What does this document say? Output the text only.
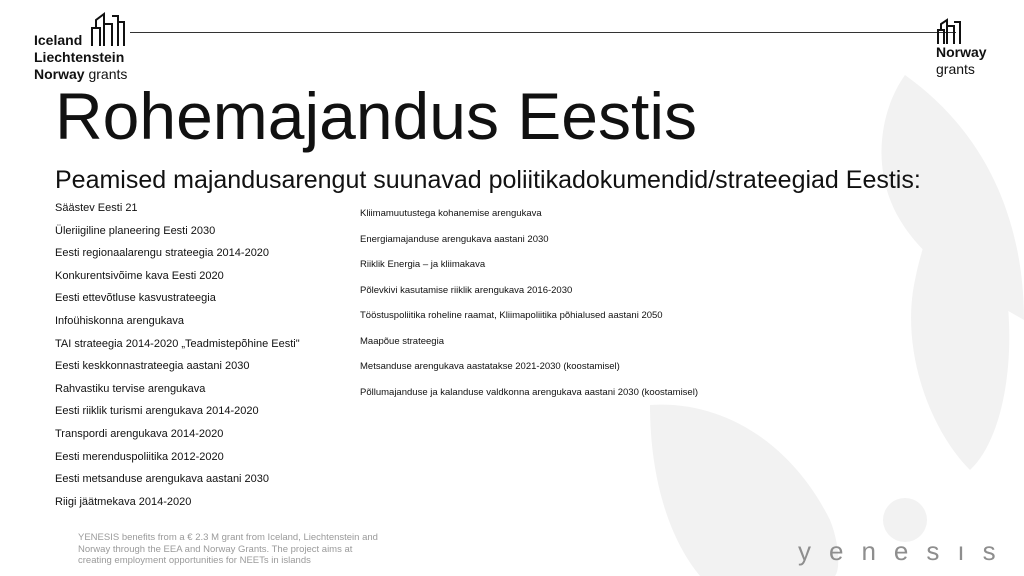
Iceland
Liechtenstein
Norway grants
Norway
grants
Rohemajandus Eestis
Peamised majandusarengut suunavad poliitikadokumendid/strateegiad Eestis:
Säästev Eesti 21
Üleriigiline planeering Eesti 2030
Eesti regionaalarengu strateegia 2014-2020
Konkurentsivõime kava Eesti 2020
Eesti ettevõtluse kasvustrateegia
Infoühiskonna arengukava
TAI strateegia 2014-2020 „Teadmistepõhine Eesti"
Eesti keskkonnastrateegia aastani 2030
Rahvastiku tervise arengukava
Eesti riiklik turismi arengukava 2014-2020
Transpordi arengukava 2014-2020
Eesti merenduspoliitika 2012-2020
Eesti metsanduse arengukava aastani 2030
Riigi jäätmekava 2014-2020
Kliimamuutustega kohanemise arengukava
Energiamajanduse arengukava aastani 2030
Riiklik Energia – ja kliimakava
Põlevkivi kasutamise riiklik arengukava 2016-2030
Tööstuspoliitika roheline raamat, Kliimapoliitika põhialused aastani 2050
Maapõue strateegia
Metsanduse arengukava aastatakse 2021-2030 (koostamisel)
Põllumajanduse ja kalanduse valdkonna arengukava aastani 2030 (koostamisel)
YENESIS benefits from a € 2.3 M grant from Iceland, Liechtenstein and Norway through the EEA and Norway Grants. The project aims at creating employment opportunities for NEETs in islands	yenesıs
